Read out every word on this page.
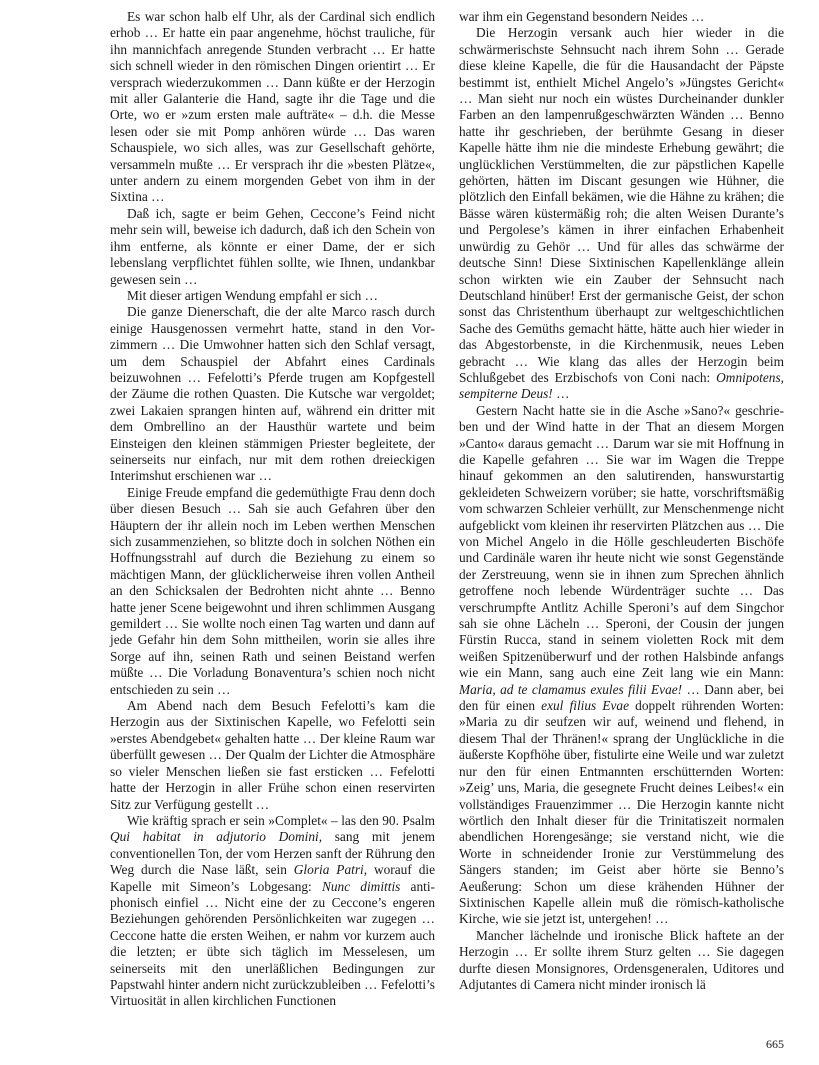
Es war schon halb elf Uhr, als der Cardinal sich endlich erhob … Er hatte ein paar angenehme, höchst trauliche, für ihn mannichfach anregende Stunden verbracht … Er hatte sich schnell wieder in den römischen Dingen orientirt … Er versprach wiederzukommen … Dann küßte er der Herzogin mit aller Galanterie die Hand, sagte ihr die Tage und die Orte, wo er »zum ersten male aufträte« – d.h. die Messe lesen oder sie mit Pomp anhören würde … Das waren Schauspiele, wo sich alles, was zur Gesellschaft gehörte, versammeln mußte … Er versprach ihr die »besten Plätze«, unter andern zu einem morgenden Gebet von ihm in der Sixtina …

Daß ich, sagte er beim Gehen, Ceccone’s Feind nicht mehr sein will, beweise ich dadurch, daß ich den Schein von ihm entferne, als könnte er einer Dame, der er sich lebenslang verpflichtet fühlen sollte, wie Ihnen, undankbar gewesen sein …

Mit dieser artigen Wendung empfahl er sich …

Die ganze Dienerschaft, die der alte Marco rasch durch einige Hausgenossen vermehrt hatte, stand in den Vorzimmern … Die Umwohner hatten sich den Schlaf versagt, um dem Schauspiel der Abfahrt eines Cardinals beizuwohnen … Fefelotti’s Pferde trugen am Kopfgestell der Zäume die rothen Quasten. Die Kutsche war vergoldet; zwei Lakaien sprangen hinten auf, während ein dritter mit dem Ombrellino an der Hausthür wartete und beim Einsteigen den kleinen stämmigen Priester begleitete, der seinerseits nur einfach, nur mit dem rothen dreieckigen Interimshut erschienen war …

Einige Freude empfand die gedemüthigte Frau denn doch über diesen Besuch … Sah sie auch Gefahren über den Häuptern der ihr allein noch im Leben werthen Menschen sich zusammenziehen, so blitzte doch in solchen Nöthen ein Hoffnungsstrahl auf durch die Beziehung zu einem so mächtigen Mann, der glücklicherweise ihren vollen Antheil an den Schicksalen der Bedrohten nicht ahnte … Benno hatte jener Scene beigewohnt und ihren schlimmen Ausgang gemildert … Sie wollte noch einen Tag warten und dann auf jede Gefahr hin dem Sohn mittheilen, worin sie alles ihre Sorge auf ihn, seinen Rath und seinen Beistand werfen müßte … Die Vorladung Bonaventura’s schien noch nicht entschieden zu sein …

Am Abend nach dem Besuch Fefelotti’s kam die Herzogin aus der Sixtinischen Kapelle, wo Fefelotti sein »erstes Abendgebet« gehalten hatte … Der kleine Raum war überfüllt gewesen … Der Qualm der Lichter die Atmosphäre so vieler Menschen ließen sie fast ersticken … Fefelotti hatte der Herzogin in aller Frühe schon einen reservirten Sitz zur Verfügung gestellt …

Wie kräftig sprach er sein »Complet« – las den 90. Psalm Qui habitat in adjutorio Domini, sang mit jenem conventionellen Ton, der vom Herzen sanft der Rührung den Weg durch die Nase läßt, sein Gloria Patri, worauf die Kapelle mit Simeon’s Lobgesang: Nunc dimittis antiphonisch einfiel … Nicht eine der zu Ceccone’s engeren Beziehungen gehörenden Persönlichkeiten war zugegen … Ceccone hatte die ersten Weihen, er nahm vor kurzem auch die letzten; er übte sich täglich im Messelesen, um seinerseits mit den unerläßlichen Bedingungen zur Papstwahl hinter andern nicht zurückzubleiben … Fefelotti’s Virtuosität in allen kirchlichen Functionen

war ihm ein Gegenstand besondern Neides …

Die Herzogin versank auch hier wieder in die schwärmerischste Sehnsucht nach ihrem Sohn … Gerade diese kleine Kapelle, die für die Hausandacht der Päpste bestimmt ist, enthielt Michel Angelo’s »Jüngstes Gericht« … Man sieht nur noch ein wüstes Durcheinander dunkler Farben an den lampenrußgeschwärzten Wänden … Benno hatte ihr geschrieben, der berühmte Gesang in dieser Kapelle hätte ihm nie die mindeste Erhebung gewährt; die unglücklichen Verstümmelten, die zur päpstlichen Kapelle gehörten, hätten im Discant gesungen wie Hühner, die plötzlich den Einfall bekämen, wie die Hähne zu krähen; die Bässe wären küstermäßig roh; die alten Weisen Durante’s und Pergolese’s kämen in ihrer einfachen Erhabenheit unwürdig zu Gehör … Und für alles das schwärme der deutsche Sinn! Diese Sixtinischen Kapellenklänge allein schon wirkten wie ein Zauber der Sehnsucht nach Deutschland hinüber! Erst der germanische Geist, der schon sonst das Christenthum überhaupt zur weltgeschichtlichen Sache des Gemüths gemacht hätte, hätte auch hier wieder in das Abgestorbenste, in die Kirchenmusik, neues Leben gebracht … Wie klang das alles der Herzogin beim Schlußgebet des Erzbischofs von Coni nach: Omnipotens, sempiterne Deus! …

Gestern Nacht hatte sie in die Asche »Sano?« geschrieben und der Wind hatte in der That an diesem Morgen »Canto« daraus gemacht … Darum war sie mit Hoffnung in die Kapelle gefahren … Sie war im Wagen die Treppe hinauf gekommen an den salutirenden, hanswurstartig gekleideten Schweizern vorüber; sie hatte, vorschriftsmäßig vom schwarzen Schleier verhüllt, zur Menschenmenge nicht aufgeblickt vom kleinen ihr reservirten Plätzchen aus … Die von Michel Angelo in die Hölle geschleuderten Bischöfe und Cardinäle waren ihr heute nicht wie sonst Gegenstände der Zerstreuung, wenn sie in ihnen zum Sprechen ähnlich getroffene noch lebende Würdenträger suchte … Das verschrumpfte Antlitz Achille Speroni’s auf dem Singchor sah sie ohne Lächeln … Speroni, der Cousin der jungen Fürstin Rucca, stand in seinem violetten Rock mit dem weißen Spitzenüberwurf und der rothen Halsbinde anfangs wie ein Mann, sang auch eine Zeit lang wie ein Mann: Maria, ad te clamamus exules filii Evae! … Dann aber, bei den für einen exul filius Evae doppelt rührenden Worten: »Maria zu dir seufzen wir auf, weinend und flehend, in diesem Thal der Thränen!« sprang der Unglückliche in die äußerste Kopfhöhe über, fistulirte eine Weile und war zuletzt nur den für einen Entmannten erschütternden Worten: »Zeig’ uns, Maria, die gesegnete Frucht deines Leibes!« ein vollständiges Frauenzimmer … Die Herzogin kannte nicht wörtlich den Inhalt dieser für die Trinitatiszeit normalen abendlichen Horengesänge; sie verstand nicht, wie die Worte in schneidender Ironie zur Verstümmelung des Sängers standen; im Geist aber hörte sie Benno’s Aeußerung: Schon um diese krähenden Hühner der Sixtinischen Kapelle allein muß die römisch-katholische Kirche, wie sie jetzt ist, untergehen! …

Mancher lächelnde und ironische Blick haftete an der Herzogin … Er sollte ihrem Sturz gelten … Sie dagegen durfte diesen Monsignores, Ordensgeneralen, Uditores und Adjutantes di Camera nicht minder ironisch lä

665
